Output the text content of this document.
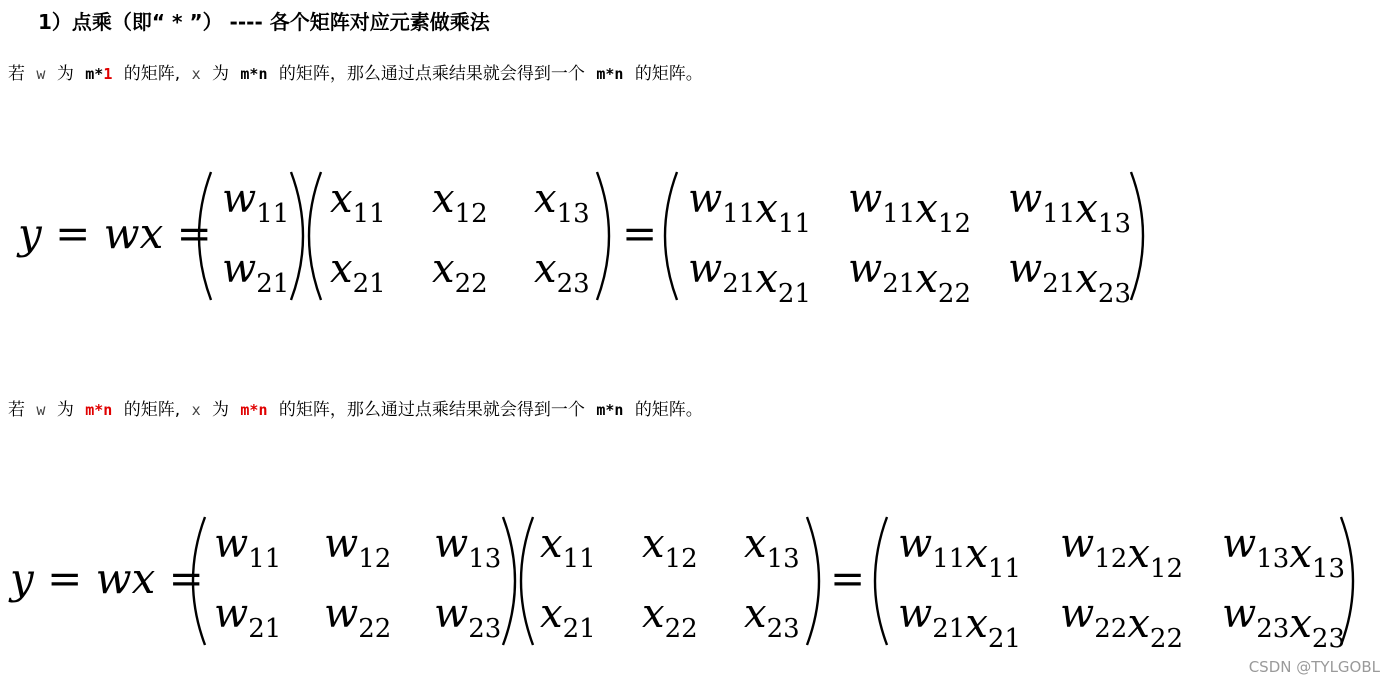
1）点乘（即“ * ”） ---- 各个矩阵对应元素做乘法
若 w 为 m*1 的矩阵, x 为 m*n 的矩阵，那么通过点乘结果就会得到一个 m*n 的矩阵。
y = wx =
$w_{11}$
$w_{21}$
$x_{11}$ $x_{12}$ $x_{13}$
$x_{21}$ $x_{22}$ $x_{23}$
=
$w_{11}x_{11}$
$w_{11}x_{12}$
$w_{11}x_{13}$
$w_{21}x_{21}$
$w_{21}x_{22}$
$w_{21}x_{23}$
若 w 为 m*n 的矩阵, x 为 m*n 的矩阵，那么通过点乘结果就会得到一个 m*n 的矩阵。
y = wx =
$w_{11}$ $w_{12}$ $w_{13}$
$w_{21}$ $w_{22}$ $w_{23}$
$x_{11}$ $x_{12}$ $x_{13}$
$x_{21}$ $x_{22}$ $x_{23}$
=
$w_{11}x_{11}$
$w_{12}x_{12}$
$w_{13}x_{13}$
$w_{21}x_{21}$
$w_{22}x_{22}$
$w_{23}x_{23}$
CSDN @TYLGOBL
